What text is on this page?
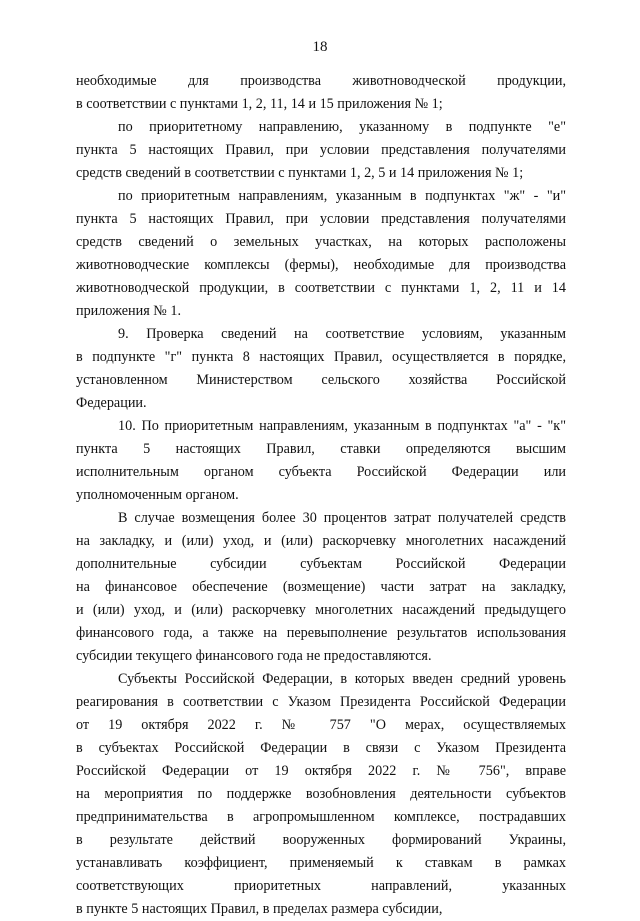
18
необходимые для производства животноводческой продукции,
в соответствии с пунктами 1, 2, 11, 14 и 15 приложения № 1;
по приоритетному направлению, указанному в подпункте "е"
пункта 5 настоящих Правил, при условии представления получателями
средств сведений в соответствии с пунктами 1, 2, 5 и 14 приложения № 1;
по приоритетным направлениям, указанным в подпунктах "ж" - "и"
пункта 5 настоящих Правил, при условии представления получателями
средств сведений о земельных участках, на которых расположены
животноводческие комплексы (фермы), необходимые для производства
животноводческой продукции, в соответствии с пунктами 1, 2, 11 и 14
приложения № 1.
9. Проверка сведений на соответствие условиям, указанным
в подпункте "г" пункта 8 настоящих Правил, осуществляется в порядке,
установленном Министерством сельского хозяйства Российской
Федерации.
10. По приоритетным направлениям, указанным в подпунктах "а" - "к"
пункта 5 настоящих Правил, ставки определяются высшим
исполнительным органом субъекта Российской Федерации или
уполномоченным органом.
В случае возмещения более 30 процентов затрат получателей средств
на закладку, и (или) уход, и (или) раскорчевку многолетних насаждений
дополнительные субсидии субъектам Российской Федерации
на финансовое обеспечение (возмещение) части затрат на закладку,
и (или) уход, и (или) раскорчевку многолетних насаждений предыдущего
финансового года, а также на перевыполнение результатов использования
субсидии текущего финансового года не предоставляются.
Субъекты Российской Федерации, в которых введен средний уровень
реагирования в соответствии с Указом Президента Российской Федерации
от 19 октября 2022 г. № 757 "О мерах, осуществляемых
в субъектах Российской Федерации в связи с Указом Президента
Российской Федерации от 19 октября 2022 г. № 756", вправе
на мероприятия по поддержке возобновления деятельности субъектов
предпринимательства в агропромышленном комплексе, пострадавших
в результате действий вооруженных формирований Украины,
устанавливать коэффициент, применяемый к ставкам в рамках
соответствующих приоритетных направлений, указанных
в пункте 5 настоящих Правил, в пределах размера субсидии,
